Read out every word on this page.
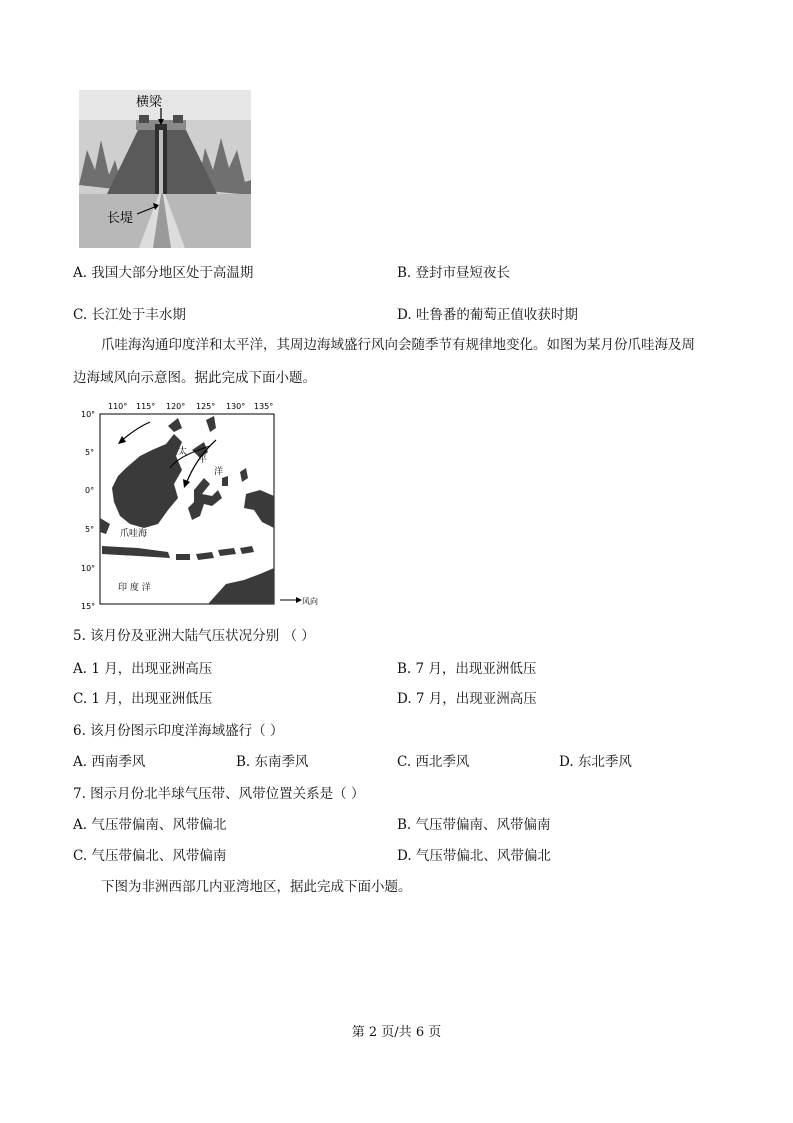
横梁
长堤
A. 我国大部分地区处于高温期	B. 登封市昼短夜长
C. 长江处于丰水期	D. 吐鲁番的葡萄正值收获时期
爪哇海沟通印度洋和太平洋，其周边海域盛行风向会随季节有规律地变化。如图为某月份爪哇海及周
边海域风向示意图。据此完成下面小题。
110° 115° 120° 125° 130° 135°
10°
5°
0°
5°
10°
15°
太
平
洋
爪哇海
印 度 洋
风向
5. 该月份及亚洲大陆气压状况分别 （ ）
A. 1 月，出现亚洲高压	B. 7 月，出现亚洲低压
C. 1 月，出现亚洲低压	D. 7 月，出现亚洲高压
6. 该月份图示印度洋海域盛行（ ）
A. 西南季风	B. 东南季风	C. 西北季风	D. 东北季风
7. 图示月份北半球气压带、风带位置关系是（ ）
A. 气压带偏南、风带偏北	B. 气压带偏南、风带偏南
C. 气压带偏北、风带偏南	D. 气压带偏北、风带偏北
下图为非洲西部几内亚湾地区，据此完成下面小题。
第 2 页/共 6 页
